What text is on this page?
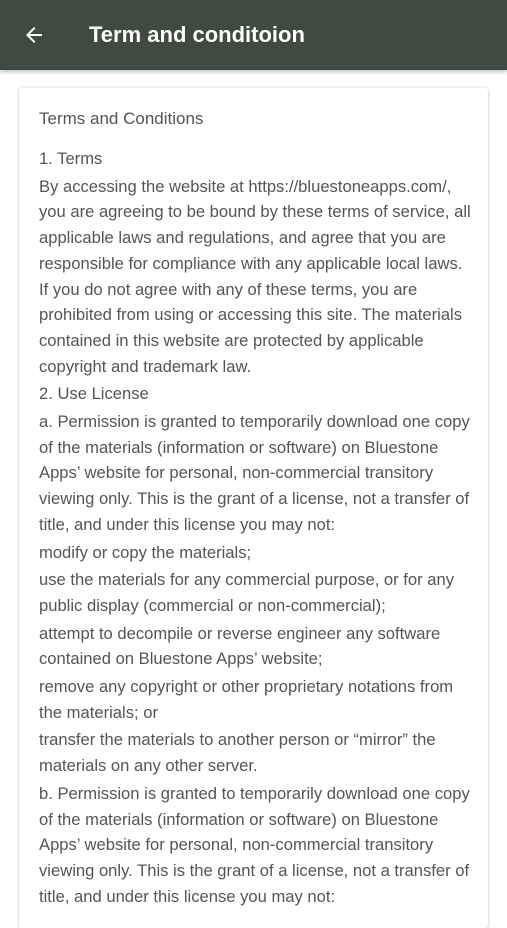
Term and conditoion
Terms and Conditions

1. Terms

By accessing the website at https://bluestoneapps.com/, you are agreeing to be bound by these terms of service, all applicable laws and regulations, and agree that you are responsible for compliance with any applicable local laws. If you do not agree with any of these terms, you are prohibited from using or accessing this site. The materials contained in this website are protected by applicable copyright and trademark law.

2. Use License

a. Permission is granted to temporarily download one copy of the materials (information or software) on Bluestone Apps’ website for personal, non-commercial transitory viewing only. This is the grant of a license, not a transfer of title, and under this license you may not:

modify or copy the materials;

use the materials for any commercial purpose, or for any public display (commercial or non-commercial);

attempt to decompile or reverse engineer any software contained on Bluestone Apps’ website;

remove any copyright or other proprietary notations from the materials; or

transfer the materials to another person or “mirror” the materials on any other server.

b. Permission is granted to temporarily download one copy of the materials (information or software) on Bluestone Apps’ website for personal, non-commercial transitory viewing only. This is the grant of a license, not a transfer of title, and under this license you may not:
